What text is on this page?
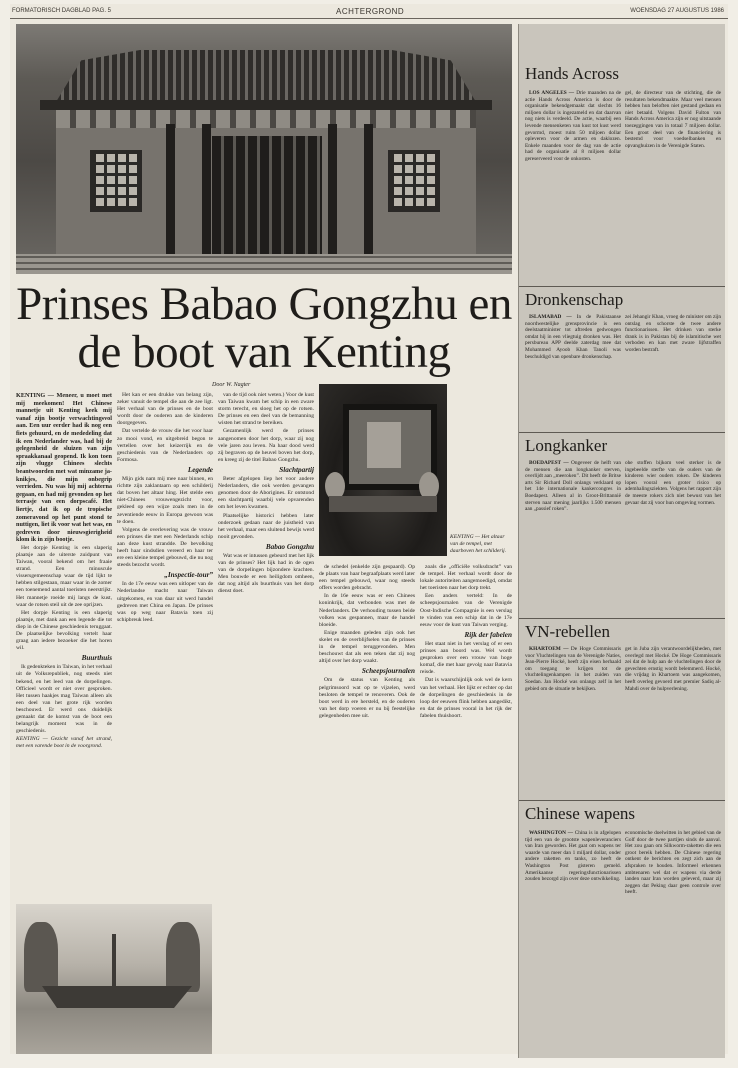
FORMATORISCH DAGBLAD PAG. 5	ACHTERGROND	WOENSDAG 27 AUGUSTUS 1986
Prinses Babao Gongzhu en de boot van Kenting
Door W. Nagter

KENTING — Meneer, u moet met mij meekomen! Het Chinese mannetje uit Kenting keek mij vanaf zijn bootje verwachtingsvol aan. Een uur eerder had ik nog een fiets gehuurd, en de mededeling dat ik een Nederlander was, had bij de gelegenheid de sluizen van zijn spraakkanaal geopend. Ik kon toen zijn vlugge Chinees slechts beantwoorden met wat minzame ja-knikjes, die mijn onbegrip verrieden. Nu was hij mij achterna gegaan, en had mij gevonden op het terrasje van een dorpscafé. Het liertje, dat ik op de tropische zomeravond op het punt stond te nuttigen, liet ik voor wat het was, en gedreven door nieuwsgierigheid klom ik in zijn bootje.

Het dorpje Kenting is een slaperig plaatsje aan de uiterste zuidpunt van Taiwan, vooral bekend om het fraaie strand. Een minuscule vissersgemeenschap waar de tijd lijkt te hebben stilgestaan, maar waar in de zomer een toenemend aantal toeristen neerstrijkt. Het mannetje roeide mij langs de kust, waar de rotsen steil uit de zee oprijzen.

Het dorpje Kenting is een slaperig plaatsje, met dank aan een legende die tot diep in de Chinese geschiedenis teruggaat. De plaatselijke bevolking vertelt haar graag aan iedere bezoeker die het horen wil.

Buurthuis

Ik gedenkteken in Taiwan, in het verhaal uit de Volksrepubliek, nog steeds niet bekend, en het leed van de dorpelingen. Officieel wordt er niet over gesproken. Het tussen haakjes mag Taiwan alleen als een deel van het grote rijk worden beschouwd. Er werd ons duidelijk gemaakt dat de komst van de boot een belangrijk moment was in de geschiedenis.

KENTING — Gezicht vanaf het strand, met een varende boot in de voorgrond.

Het kan er een drukke van belang zijn, zeker vanuit de tempel die aan de zee ligt. Het verhaal van de prinses en de boot wordt door de ouderen aan de kinderen doorgegeven.

Dat vertelde de vrouw die het voor haar zo mooi vond, en uitgebreid begon te vertellen over het keizerrijk en de geschiedenis van de Nederlanders op Formosa.

Legende

Mijn gids nam mij mee naar binnen, en richtte zijn zaklantaarn op een schilderij dat boven het altaar hing. Het stelde een niet-Chinees vrouwengezicht voor, gekleed op een wijze zoals men in de zeventiende eeuw in Europa gewoon was te doen.

Volgens de overlevering was de vrouw een prinses die met een Nederlands schip aan deze kust strandde. De bevolking heeft haar sindsdien vereerd en haar ter ere een kleine tempel gebouwd, die nu nog steeds bezocht wordt.

„Inspectie-tour”

In de 17e eeuw was een uitloper van de Nederlandse macht naar Taiwan uitgekomen, en van daar uit werd handel gedreven met China en Japan. De prinses was op weg naar Batavia toen zij schipbreuk leed.

van de tijd ook niet weten.) Voor de kust van Taiwan kwam het schip in een zware storm terecht, en sloeg het op de rotsen. De prinses en een deel van de bemanning wisten het strand te bereiken.

Gezamenlijk werd de prinses aangenomen door het dorp, waar zij nog vele jaren zou leven. Na haar dood werd zij begraven op de heuvel boven het dorp, en kreeg zij de titel Babao Gongzhu.

Slachtpartij

Beter afgelopen liep het voor andere Nederlanders, die ook werden gevangen genomen door de Aborigines. Er ontstond een slachtpartij waarbij vele opvarenden om het leven kwamen.

Plaatselijke historici hebben later onderzoek gedaan naar de juistheid van het verhaal, maar een sluitend bewijs werd nooit gevonden.

Babao Gongzhu

Wat was er intussen gebeurd met het lijk van de prinses? Het lijk had in de ogen van de dorpelingen bijzondere krachten. Men bouwde er een heiligdom omheen, dat nog altijd als buurthuis van het dorp dienst doet.

KENTING — Het altaar van de tempel, met daarboven het schilderij.

de schedel (enkelde zijn gespaard). Op de plaats van haar begraafplaats werd later een tempel gebouwd, waar nog steeds offers worden gebracht.

In de 16e eeuw was er een Chinees koninkrijk, dat verbonden was met de Nederlanders. De verhouding tussen beide volken was gespannen, maar de handel bloeide.

Enige maanden geleden zijn ook het skelet en de overblijfselen van de prinses in de tempel teruggevonden. Men beschouwt dat als een teken dat zij nog altijd over het dorp waakt.

Scheepsjournalen

Om de status van Kenting als pelgrimsoord wat op te vijzelen, werd besloten de tempel te renoveren. Ook de boot werd in ere hersteld, en de ouderen van het dorp voeren er nu bij feestelijke gelegenheden mee uit.

zoals die „officiële volksdracht” van de tempel. Het verhaal wordt door de lokale autoriteiten aangemoedigd, omdat het toeristen naar het dorp trekt.

Een anders verteld: In de scheepsjournalen van de Verenigde Oost-Indische Compagnie is een verslag te vinden van een schip dat in de 17e eeuw voor de kust van Taiwan verging.

Rijk der fabelen

Het staat niet in het verslag of er een prinses aan boord was. Wel wordt gesproken over een vrouw van hoge komaf, die met haar gevolg naar Batavia reisde.

Dat is waarschijnlijk ook wel de kern van het verhaal. Het lijkt er echter op dat de dorpelingen de geschiedenis in de loop der eeuwen flink hebben aangedikt, en dat de prinses vooral in het rijk der fabelen thuishoort.

Hands Across

LOS ANGELES — Drie maanden na de actie Hands Across America is door de organisatie bekendgemaakt dat slechts 16 miljoen dollar is ingezameld en dat daarvan nog niets is verdeeld. De actie, waarbij een levende mensenketen van kust tot kust werd gevormd, moest ruim 50 miljoen dollar opleveren voor de armen en daklozen. Enkele maanden voor de dag van de actie had de organisatie al 8 miljoen dollar gereserveerd voor de onkosten.

gel, de directeur van de stichting, die de resultaten bekendmaakte. Maar veel mensen hebben hun beloften niet gestand gedaan en niet betaald. Volgens David Fulton van Hands Across America zijn er nog uitstaande toezeggingen van in totaal 7 miljoen dollar. Een groot deel van de financiering is bestemd voor voedselbanken en opvanghuizen in de Verenigde Staten.

Dronkenschap

ISLAMABAD — In de Pakistaanse noordwestelijke grensprovincie is een deelstaatminister tot aftreden gedwongen omdat hij in een vliegtuig dronken was. Het persbureau APP deelde zaterdag mee dat Mohammed Ayoob Khan Tanoli was beschuldigd van openbare dronkenschap.

zei Jehangir Khan, vroeg de minister om zijn ontslag en schorste de twee andere functionarissen. Het drinken van sterke drank is in Pakistan bij de islamitische wet verboden en kan met zware lijfstraffen worden bestraft.

Longkanker

BOEDAPEST — Ongeveer de helft van de mensen die aan longkanker sterven, overlijdt aan „meeroken”. Dit heeft de Britse arts Sir Richard Doll onlangs verklaard op het 14e internationale kankercongres in Boedapest. Alleen al in Groot-Brittannië sterven naar mening jaarlijks 1.500 mensen aan „passief roken”.

ohe stoffen bijkom veel sterker is de ingebeelde sterfte van de ouders van de kinderen wier ouders roken. De kinderen lopen vooral een groter risico op ademhalingsziekten. Volgens het rapport zijn de meeste rokers zich niet bewust van het gevaar dat zij voor hun omgeving vormen.

VN-rebellen

KHARTOEM — De Hoge Commissaris voor Vluchtelingen van de Verenigde Naties, Jean-Pierre Hocké, heeft zijn eisen herhaald om toegang te krijgen tot de vluchtelingenkampen in het zuiden van Soedan. Jan Hocké was onlangs zelf in het gebied om de situatie te bekijken.

get in Juba zijn verantwoordelijkheden, met overlegd met Hocké. De Hoge Commissaris zei dat de hulp aan de vluchtelingen door de gevechten ernstig wordt belemmerd. Hocké, die vrijdag in Khartoem was aangekomen, heeft overleg gevoerd met premier Sadiq al-Mahdi over de hulpverlening.

Chinese wapens

WASHINGTON — China is in afgelopen tijd een van de grootste wapenleveranciers van Iran geworden. Het gaat om wapens ter waarde van meer dan 1 miljard dollar, onder andere raketten en tanks, zo heeft de Washington Post gisteren gemeld. Amerikaanse regeringsfunctionarissen zouden bezorgd zijn over deze ontwikkeling.

economische doelwitten in het gebied van de Golf door de twee partijen sinds de aanval. Het zou gaan om Silkworm-raketten die een groot bereik hebben. De Chinese regering ontkent de berichten en zegt zich aan de afspraken te houden. Informeel erkennen ambtenaren wel dat er wapens via derde landen naar Iran worden geleverd, maar zij zeggen dat Peking daar geen controle over heeft.
